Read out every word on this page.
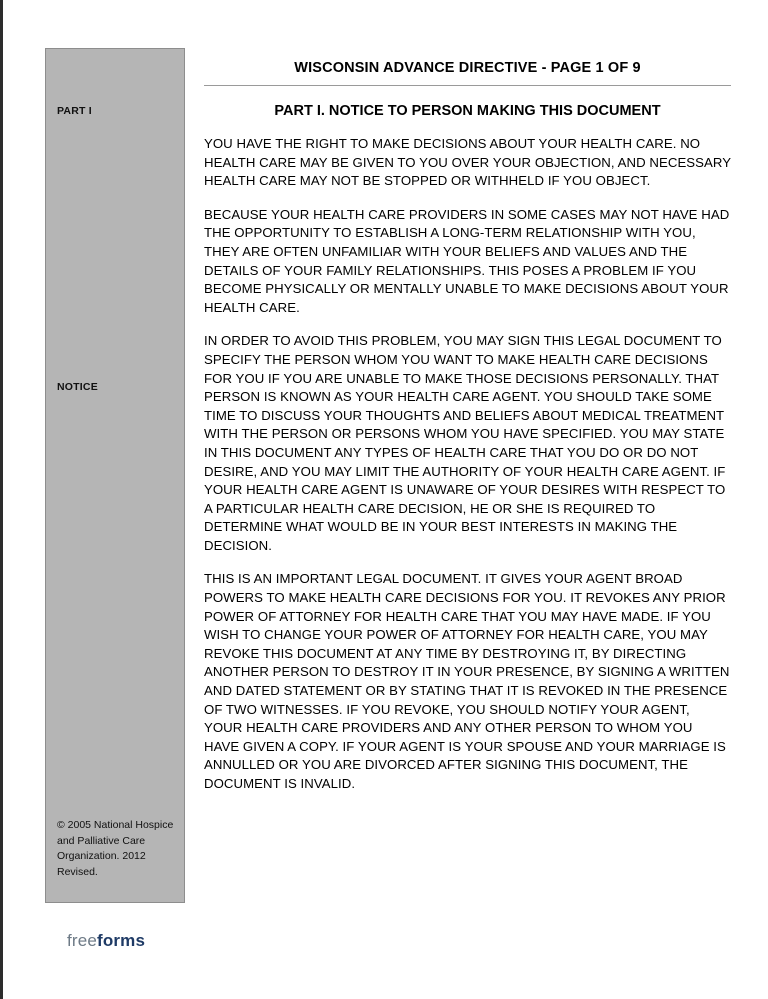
PART I
NOTICE
© 2005 National Hospice and Palliative Care Organization. 2012 Revised.
WISCONSIN ADVANCE DIRECTIVE - PAGE 1 OF 9
PART I. NOTICE TO PERSON MAKING THIS DOCUMENT

YOU HAVE THE RIGHT TO MAKE DECISIONS ABOUT YOUR HEALTH CARE. NO HEALTH CARE MAY BE GIVEN TO YOU OVER YOUR OBJECTION, AND NECESSARY HEALTH CARE MAY NOT BE STOPPED OR WITHHELD IF YOU OBJECT.

BECAUSE YOUR HEALTH CARE PROVIDERS IN SOME CASES MAY NOT HAVE HAD THE OPPORTUNITY TO ESTABLISH A LONG-TERM RELATIONSHIP WITH YOU, THEY ARE OFTEN UNFAMILIAR WITH YOUR BELIEFS AND VALUES AND THE DETAILS OF YOUR FAMILY RELATIONSHIPS. THIS POSES A PROBLEM IF YOU BECOME PHYSICALLY OR MENTALLY UNABLE TO MAKE DECISIONS ABOUT YOUR HEALTH CARE.

IN ORDER TO AVOID THIS PROBLEM, YOU MAY SIGN THIS LEGAL DOCUMENT TO SPECIFY THE PERSON WHOM YOU WANT TO MAKE HEALTH CARE DECISIONS FOR YOU IF YOU ARE UNABLE TO MAKE THOSE DECISIONS PERSONALLY. THAT PERSON IS KNOWN AS YOUR HEALTH CARE AGENT. YOU SHOULD TAKE SOME TIME TO DISCUSS YOUR THOUGHTS AND BELIEFS ABOUT MEDICAL TREATMENT WITH THE PERSON OR PERSONS WHOM YOU HAVE SPECIFIED. YOU MAY STATE IN THIS DOCUMENT ANY TYPES OF HEALTH CARE THAT YOU DO OR DO NOT DESIRE, AND YOU MAY LIMIT THE AUTHORITY OF YOUR HEALTH CARE AGENT. IF YOUR HEALTH CARE AGENT IS UNAWARE OF YOUR DESIRES WITH RESPECT TO A PARTICULAR HEALTH CARE DECISION, HE OR SHE IS REQUIRED TO DETERMINE WHAT WOULD BE IN YOUR BEST INTERESTS IN MAKING THE DECISION.

THIS IS AN IMPORTANT LEGAL DOCUMENT. IT GIVES YOUR AGENT BROAD POWERS TO MAKE HEALTH CARE DECISIONS FOR YOU. IT REVOKES ANY PRIOR POWER OF ATTORNEY FOR HEALTH CARE THAT YOU MAY HAVE MADE. IF YOU WISH TO CHANGE YOUR POWER OF ATTORNEY FOR HEALTH CARE, YOU MAY REVOKE THIS DOCUMENT AT ANY TIME BY DESTROYING IT, BY DIRECTING ANOTHER PERSON TO DESTROY IT IN YOUR PRESENCE, BY SIGNING A WRITTEN AND DATED STATEMENT OR BY STATING THAT IT IS REVOKED IN THE PRESENCE OF TWO WITNESSES. IF YOU REVOKE, YOU SHOULD NOTIFY YOUR AGENT, YOUR HEALTH CARE PROVIDERS AND ANY OTHER PERSON TO WHOM YOU HAVE GIVEN A COPY. IF YOUR AGENT IS YOUR SPOUSE AND YOUR MARRIAGE IS ANNULLED OR YOU ARE DIVORCED AFTER SIGNING THIS DOCUMENT, THE DOCUMENT IS INVALID.

freeforms
